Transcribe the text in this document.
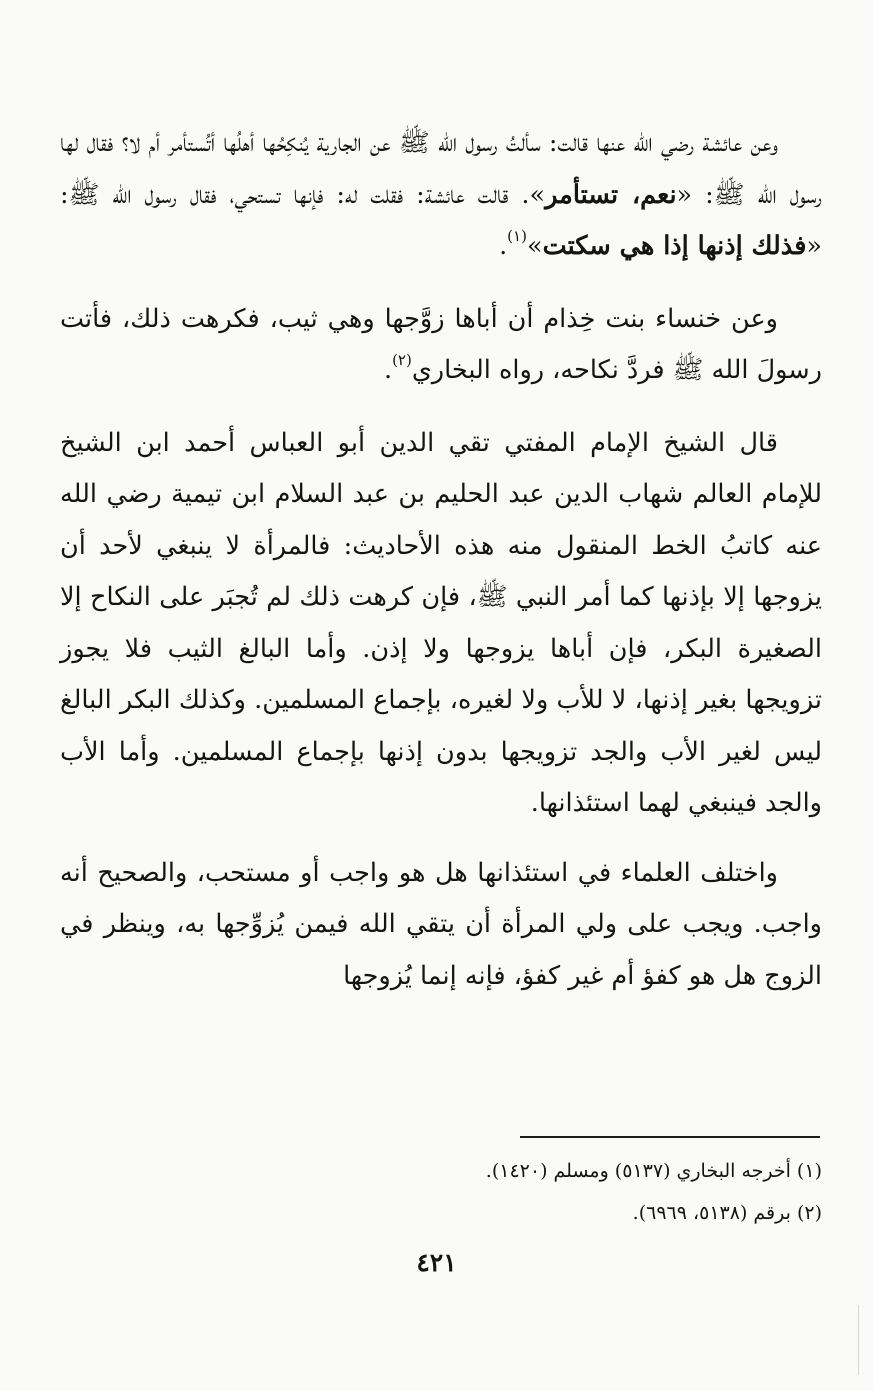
وعن عائشة رضي الله عنها قالت: سألتُ رسول الله ﷺ عن الجارية يُنكِحُها أهلُها أتُستأمر أم لا؟ فقال لها رسول الله ﷺ: «نعم، تستأمر». قالت عائشة: فقلت له: فإنها تستحي، فقال رسول الله ﷺ: «فذلك إذنها إذا هي سكتت»$^{(١)}$.

وعن خنساء بنت خِذام أن أباها زوَّجها وهي ثيب، فكرهت ذلك، فأتت رسولَ الله ﷺ فردَّ نكاحه، رواه البخاري$^{(٢)}$.

قال الشيخ الإمام المفتي تقي الدين أبو العباس أحمد ابن الشيخ للإمام العالم شهاب الدين عبد الحليم بن عبد السلام ابن تيمية رضي الله عنه كاتبُ الخط المنقول منه هذه الأحاديث: فالمرأة لا ينبغي لأحد أن يزوجها إلا بإذنها كما أمر النبي ﷺ، فإن كرهت ذلك لم تُجبَر على النكاح إلا الصغيرة البكر، فإن أباها يزوجها ولا إذن. وأما البالغ الثيب فلا يجوز تزويجها بغير إذنها، لا للأب ولا لغيره، بإجماع المسلمين. وكذلك البكر البالغ ليس لغير الأب والجد تزويجها بدون إذنها بإجماع المسلمين. وأما الأب والجد فينبغي لهما استئذانها.

واختلف العلماء في استئذانها هل هو واجب أو مستحب، والصحيح أنه واجب. ويجب على ولي المرأة أن يتقي الله فيمن يُزوِّجها به، وينظر في الزوج هل هو كفؤ أم غير كفؤ، فإنه إنما يُزوجها

(١) أخرجه البخاري (٥١٣٧) ومسلم (١٤٢٠).

(٢) برقم (٥١٣٨، ٦٩٦٩).

٤٢١
